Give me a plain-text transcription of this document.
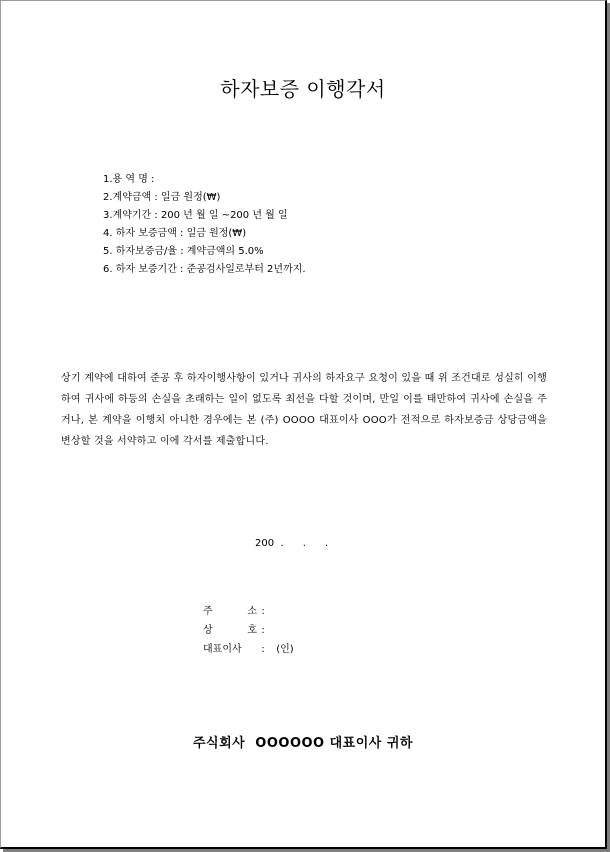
하자보증 이행각서
1.용 역 명 :
2.계약금액 : 일금 원정(₩)
3.계약기간 : 200 년 월 일 ~200 년 월 일
4. 하자 보증금액 : 일금 원정(₩)
5. 하자보증금/율 : 계약금액의 5.0%
6. 하자 보증기간 : 준공검사일로부터 2년까지.
상기 계약에 대하여 준공 후 하자이행사항이 있거나 귀사의 하자요구 요청이 있을 때 위 조건대로 성실히 이행하여 귀사에 하등의 손실을 초래하는 일이 없도록 최선을 다할 것이며, 만일 이를 태만하여 귀사에 손실을 주거나, 본 계약을 이행치 아니한 경우에는 본 (주) OOOO 대표이사 OOO가 전적으로 하자보증금 상당금액을 변상할 것을 서약하고 이에 각서를 제출합니다.
200  .      .      .
주 소 :
상 호 :
대표이사 : (인)
주식회사  OOOOOO 대표이사 귀하
